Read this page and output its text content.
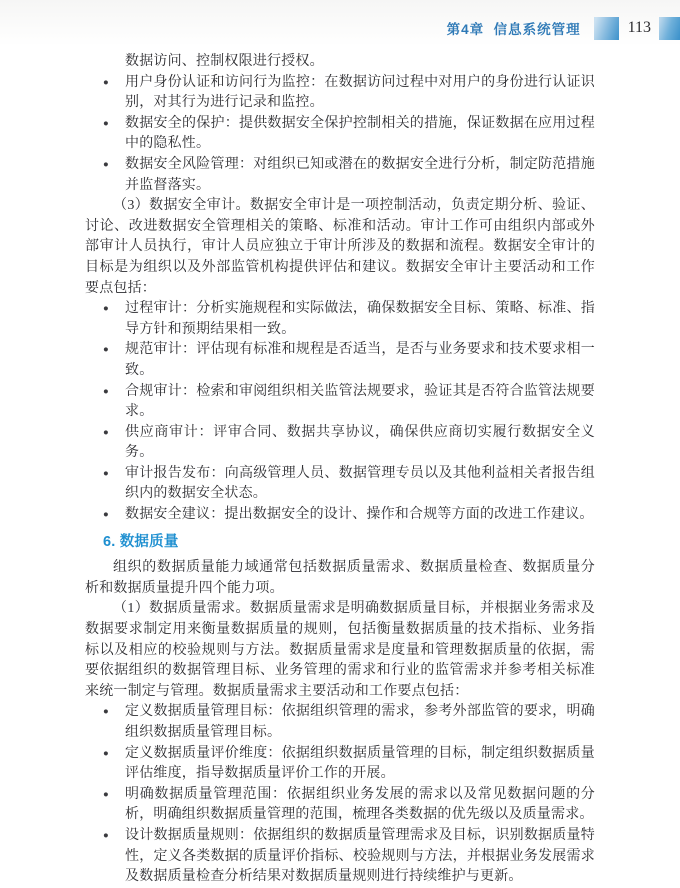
第4章  信息系统管理	113

数据访问、控制权限进行授权。

●	用户身份认证和访问行为监控：在数据访问过程中对用户的身份进行认证识别，对其行为进行记录和监控。
●	数据安全的保护：提供数据安全保护控制相关的措施，保证数据在应用过程中的隐私性。
●	数据安全风险管理：对组织已知或潜在的数据安全进行分析，制定防范措施并监督落实。

（3）数据安全审计。数据安全审计是一项控制活动，负责定期分析、验证、讨论、改进数据安全管理相关的策略、标准和活动。审计工作可由组织内部或外部审计人员执行，审计人员应独立于审计所涉及的数据和流程。数据安全审计的目标是为组织以及外部监管机构提供评估和建议。数据安全审计主要活动和工作要点包括：

●	过程审计：分析实施规程和实际做法，确保数据安全目标、策略、标准、指导方针和预期结果相一致。
●	规范审计：评估现有标准和规程是否适当，是否与业务要求和技术要求相一致。
●	合规审计：检索和审阅组织相关监管法规要求，验证其是否符合监管法规要求。
●	供应商审计：评审合同、数据共享协议，确保供应商切实履行数据安全义务。
●	审计报告发布：向高级管理人员、数据管理专员以及其他利益相关者报告组织内的数据安全状态。
●	数据安全建议：提出数据安全的设计、操作和合规等方面的改进工作建议。

6. 数据质量

组织的数据质量能力域通常包括数据质量需求、数据质量检查、数据质量分析和数据质量提升四个能力项。

（1）数据质量需求。数据质量需求是明确数据质量目标，并根据业务需求及数据要求制定用来衡量数据质量的规则，包括衡量数据质量的技术指标、业务指标以及相应的校验规则与方法。数据质量需求是度量和管理数据质量的依据，需要依据组织的数据管理目标、业务管理的需求和行业的监管需求并参考相关标准来统一制定与管理。数据质量需求主要活动和工作要点包括：

●	定义数据质量管理目标：依据组织管理的需求，参考外部监管的要求，明确组织数据质量管理目标。
●	定义数据质量评价维度：依据组织数据质量管理的目标，制定组织数据质量评估维度，指导数据质量评价工作的开展。
●	明确数据质量管理范围：依据组织业务发展的需求以及常见数据问题的分析，明确组织数据质量管理的范围，梳理各类数据的优先级以及质量需求。
●	设计数据质量规则：依据组织的数据质量管理需求及目标，识别数据质量特性，定义各类数据的质量评价指标、校验规则与方法，并根据业务发展需求及数据质量检查分析结果对数据质量规则进行持续维护与更新。
